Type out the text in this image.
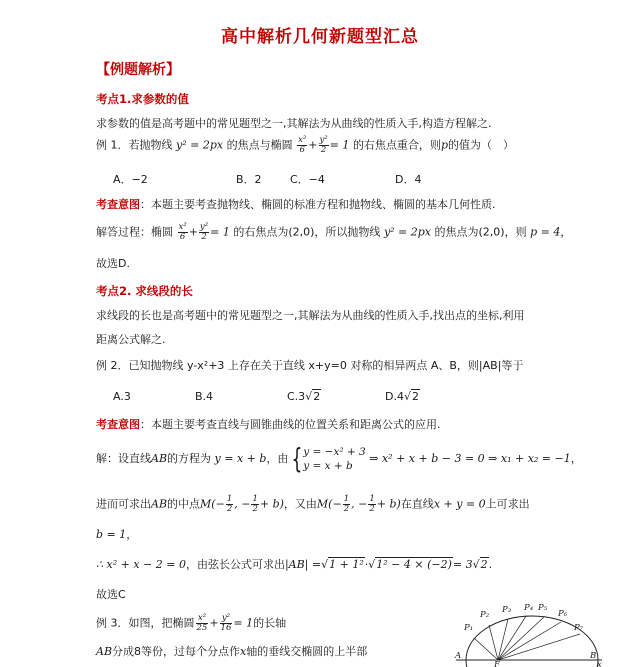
高中解析几何新题型汇总
【例题解析】
考点1.求参数的值
求参数的值是高考题中的常见题型之一,其解法为从曲线的性质入手,构造方程解之.
例 1．若抛物线 y² = 2px 的焦点与椭圆 $\frac{\text{x²}}{6} + \frac{\text{y²}}{2} = 1$ 的右焦点重合，则p的值为（　）
A．−2	B．2	C．−4	D．4
考查意图：本题主要考查抛物线、椭圆的标准方程和抛物线、椭圆的基本几何性质.
解答过程：椭圆 $\frac{\text{x²}}{6} + \frac{\text{y²}}{2} = 1$ 的右焦点为(2,0)，所以抛物线 y² = 2px 的焦点为(2,0)，则 p = 4，
故选D.
考点2. 求线段的长
求线段的长也是高考题中的常见题型之一,其解法为从曲线的性质入手,找出点的坐标,利用
距离公式解之.
例 2．已知抛物线 y-x²+3 上存在关于直线 x+y=0 对称的相异两点 A、B，则|AB|等于
A.3	B.4	C.3√2	D.4√2
考查意图：本题主要考查直线与圆锥曲线的位置关系和距离公式的应用.
解：设直线AB的方程为 y = x + b，由 { y = −x² + 3
y = x + b
⇒ x² + x + b − 3 = 0 ⇒ x₁ + x₂ = −1，
进而可求出AB的中点$M(- \frac{1}{2}$ , − $\frac{1}{2} + b$)，又由$M(- \frac{1}{2}$ , − $\frac{1}{2} + b$)在直线x + y = 0上可求出
b = 1，
∴ x² + x − 2 = 0，由弦长公式可求出|AB| =√1 + 1²·√1² − 4 × (−2)= 3√2.
故选C
例 3．如图，把椭圆 $\frac{\text{x²}}{25} + \frac{\text{y²}}{16} = 1$的长轴
AB分成8等份，过每个分点作x轴的垂线交椭圆的上半部
P₁
P₂ P₃ P₄ P₅
P₆
P₇
A
F
B
x
